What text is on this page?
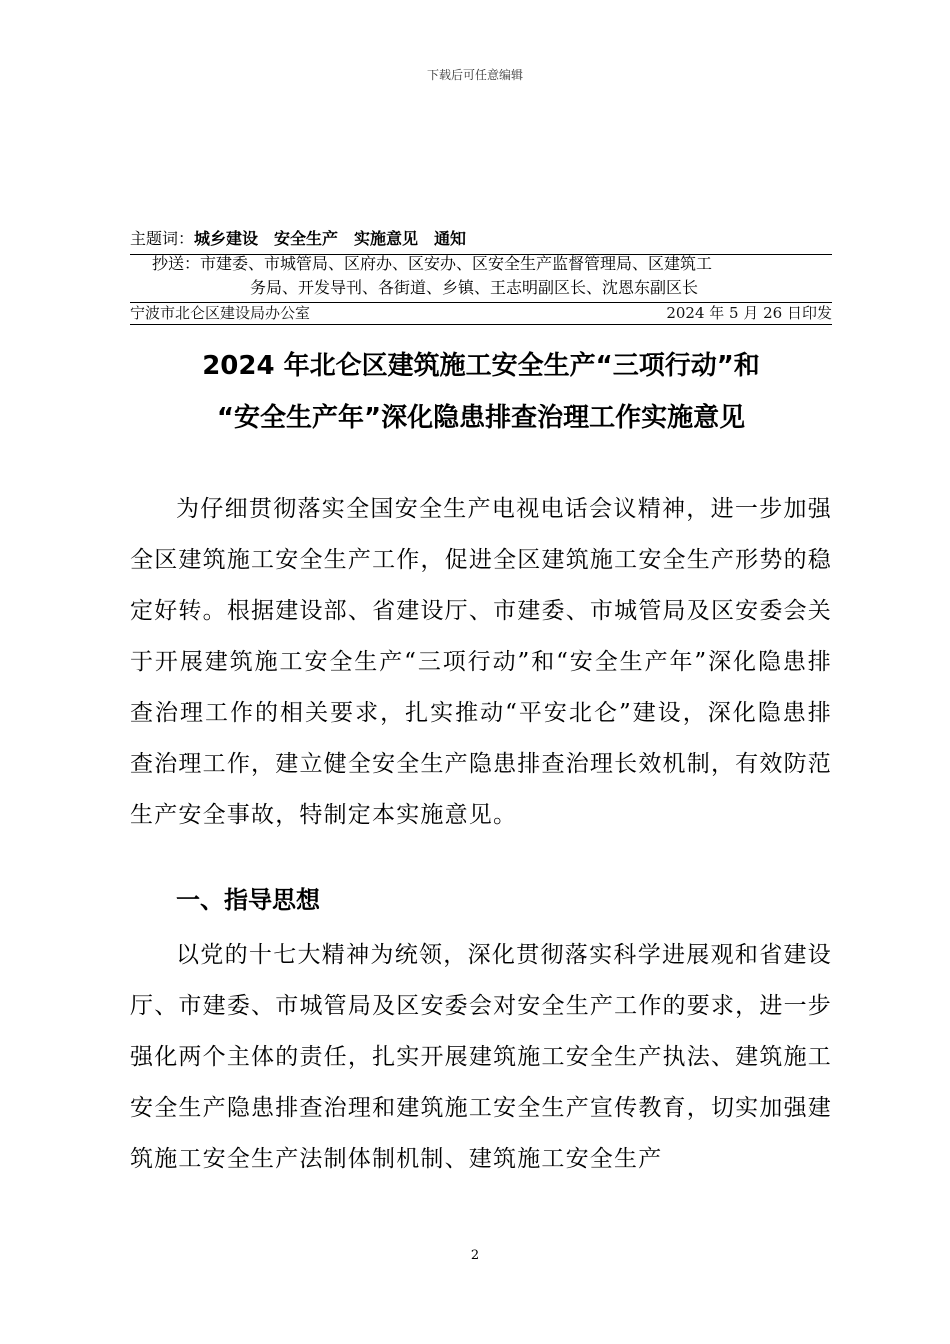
下载后可任意编辑
主题词：城乡建设　安全生产　实施意见　通知
抄送：市建委、市城管局、区府办、区安办、区安全生产监督管理局、区建筑工
务局、开发导刊、各街道、乡镇、王志明副区长、沈恩东副区长
宁波市北仑区建设局办公室	2024 年 5 月 26 日印发
2024 年北仑区建筑施工安全生产“三项行动”和
“安全生产年”深化隐患排查治理工作实施意见
为仔细贯彻落实全国安全生产电视电话会议精神，进一步加强全区建筑施工安全生产工作，促进全区建筑施工安全生产形势的稳定好转。根据建设部、省建设厅、市建委、市城管局及区安委会关于开展建筑施工安全生产“三项行动”和“安全生产年”深化隐患排查治理工作的相关要求，扎实推动“平安北仑”建设，深化隐患排查治理工作，建立健全安全生产隐患排查治理长效机制，有效防范生产安全事故，特制定本实施意见。
一、指导思想
以党的十七大精神为统领，深化贯彻落实科学进展观和省建设厅、市建委、市城管局及区安委会对安全生产工作的要求，进一步强化两个主体的责任，扎实开展建筑施工安全生产执法、建筑施工安全生产隐患排查治理和建筑施工安全生产宣传教育，切实加强建筑施工安全生产法制体制机制、建筑施工安全生产
2
